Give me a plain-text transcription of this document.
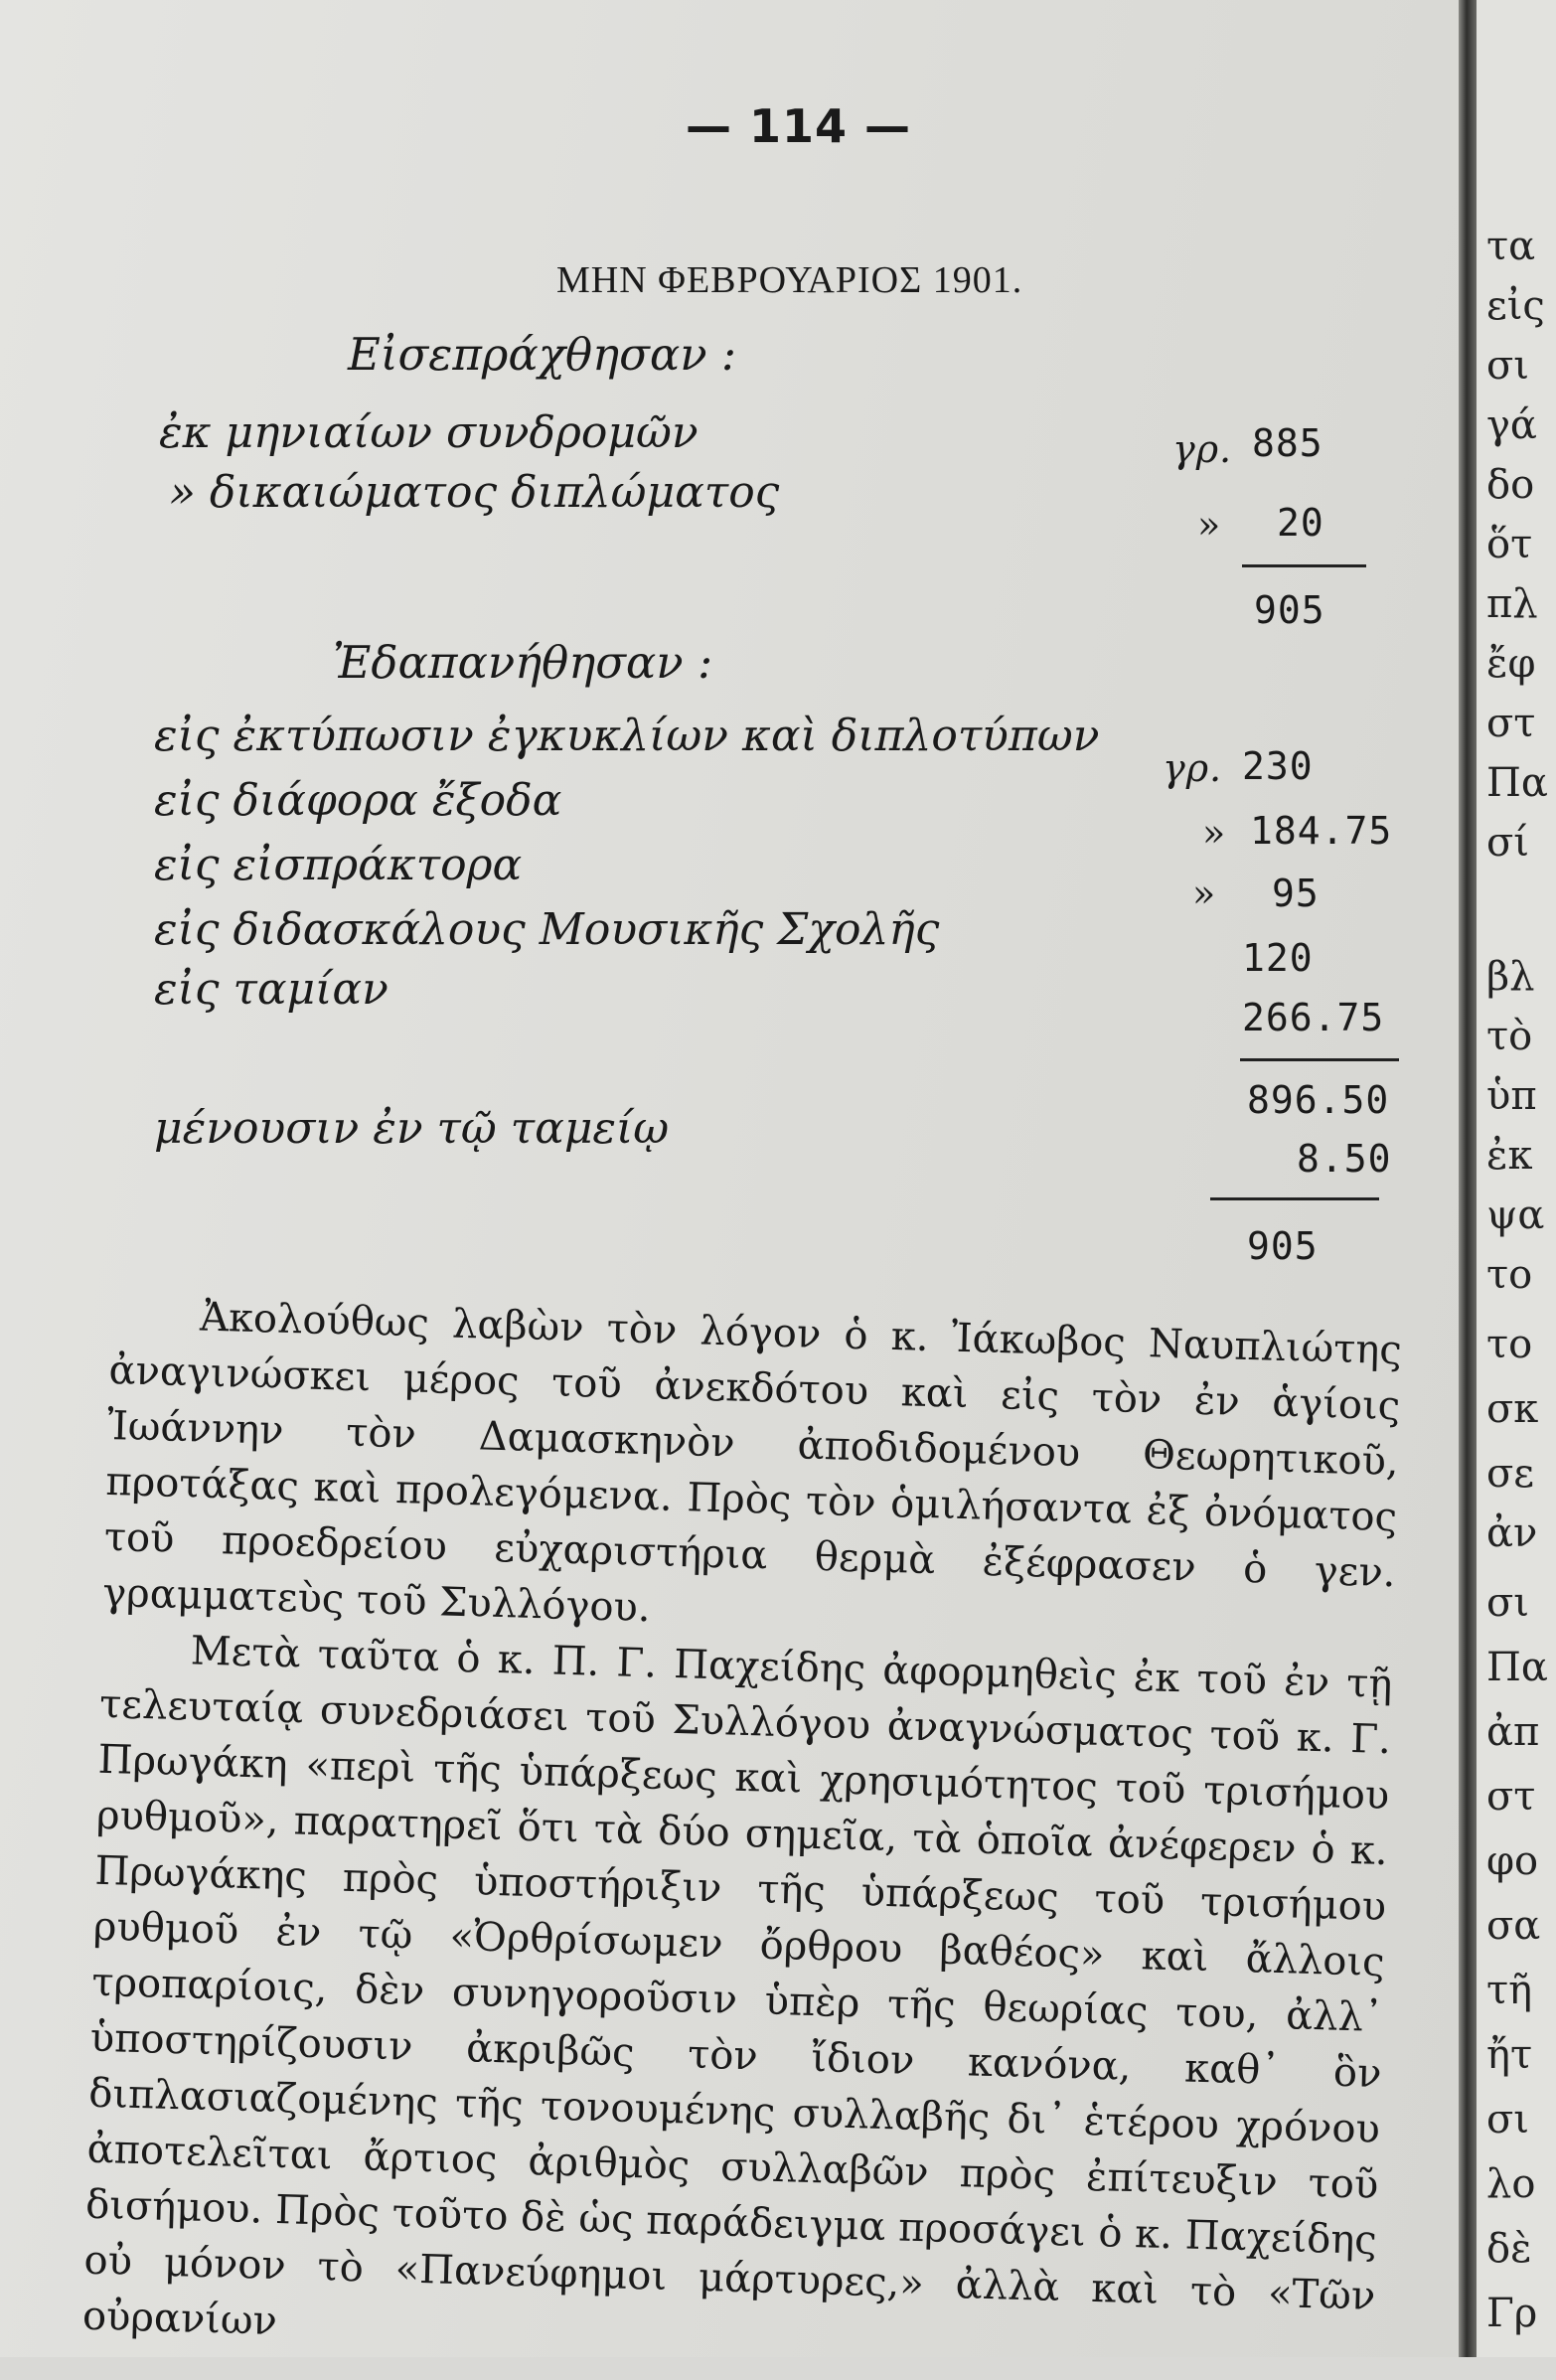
— 114 —
ΜΗΝ ΦΕΒΡΟΥΑΡΙΟΣ 1901.
Εἰσεπράχθησαν :
ἐκ μηνιαίων συνδρομῶν	γρ. 885
» δικαιώματος διπλώματος
» 20
905
Ἐδαπανήθησαν :
εἰς ἐκτύπωσιν ἐγκυκλίων καὶ διπλοτύπων
γρ. 230
εἰς διάφορα ἔξοδα
» 184.75
εἰς εἰσπράκτορα
» 95
εἰς διδασκάλους Μουσικῆς Σχολῆς
120
εἰς ταμίαν
266.75
896.50
μένουσιν ἐν τῷ ταμείῳ
8.50
905

Ἀκολούθως λαβὼν τὸν λόγον ὁ κ. Ἰάκωβος Ναυπλιώτης ἀναγινώσκει μέρος τοῦ ἀνεκδότου καὶ εἰς τὸν ἐν ἁγίοις Ἰωάννην τὸν Δαμασκηνὸν ἀποδιδομένου Θεωρητικοῦ, προτάξας καὶ προλεγόμενα. Πρὸς τὸν ὁμιλήσαντα ἐξ ὀνόματος τοῦ προεδρείου εὐχαριστήρια θερμὰ ἐξέφρασεν ὁ γεν. γραμματεὺς τοῦ Συλλόγου.

Μετὰ ταῦτα ὁ κ. Π. Γ. Παχείδης ἀφορμηθεὶς ἐκ τοῦ ἐν τῇ τελευταίᾳ συνεδριάσει τοῦ Συλλόγου ἀναγνώσματος τοῦ κ. Γ. Πρωγάκη «περὶ τῆς ὑπάρξεως καὶ χρησιμότητος τοῦ τρισήμου ρυθμοῦ», παρατηρεῖ ὅτι τὰ δύο σημεῖα, τὰ ὁποῖα ἀνέφερεν ὁ κ. Πρωγάκης πρὸς ὑποστήριξιν τῆς ὑπάρξεως τοῦ τρισήμου ρυθμοῦ ἐν τῷ «Ὀρθρίσωμεν ὄρθρου βαθέος» καὶ ἄλλοις τροπαρίοις, δὲν συνηγοροῦσιν ὑπὲρ τῆς θεωρίας του, ἀλλ᾽ ὑποστηρίζουσιν ἀκριβῶς τὸν ἴδιον κανόνα, καθ᾽ ὃν διπλασιαζομένης τῆς τονουμένης συλλαβῆς δι᾽ ἑτέρου χρόνου ἀποτελεῖται ἄρτιος ἀριθμὸς συλλαβῶν πρὸς ἐπίτευξιν τοῦ δισήμου. Πρὸς τοῦτο δὲ ὡς παράδειγμα προσάγει ὁ κ. Παχείδης οὐ μόνον τὸ «Πανεύφημοι μάρτυρες,» ἀλλὰ καὶ τὸ «Τῶν οὐρανίων

τα
εἰς
σι
γά
δο
ὅτ
πλ
ἔφ
στ
Πα
σί
βλ
τὸ
ὑπ
ἐκ
ψα
το
το
σκ
σε
ἀν
σι
Πα
ἀπ
στ
φο
σα
τῆ
ἤτ
σι
λο
δὲ
Γρ
